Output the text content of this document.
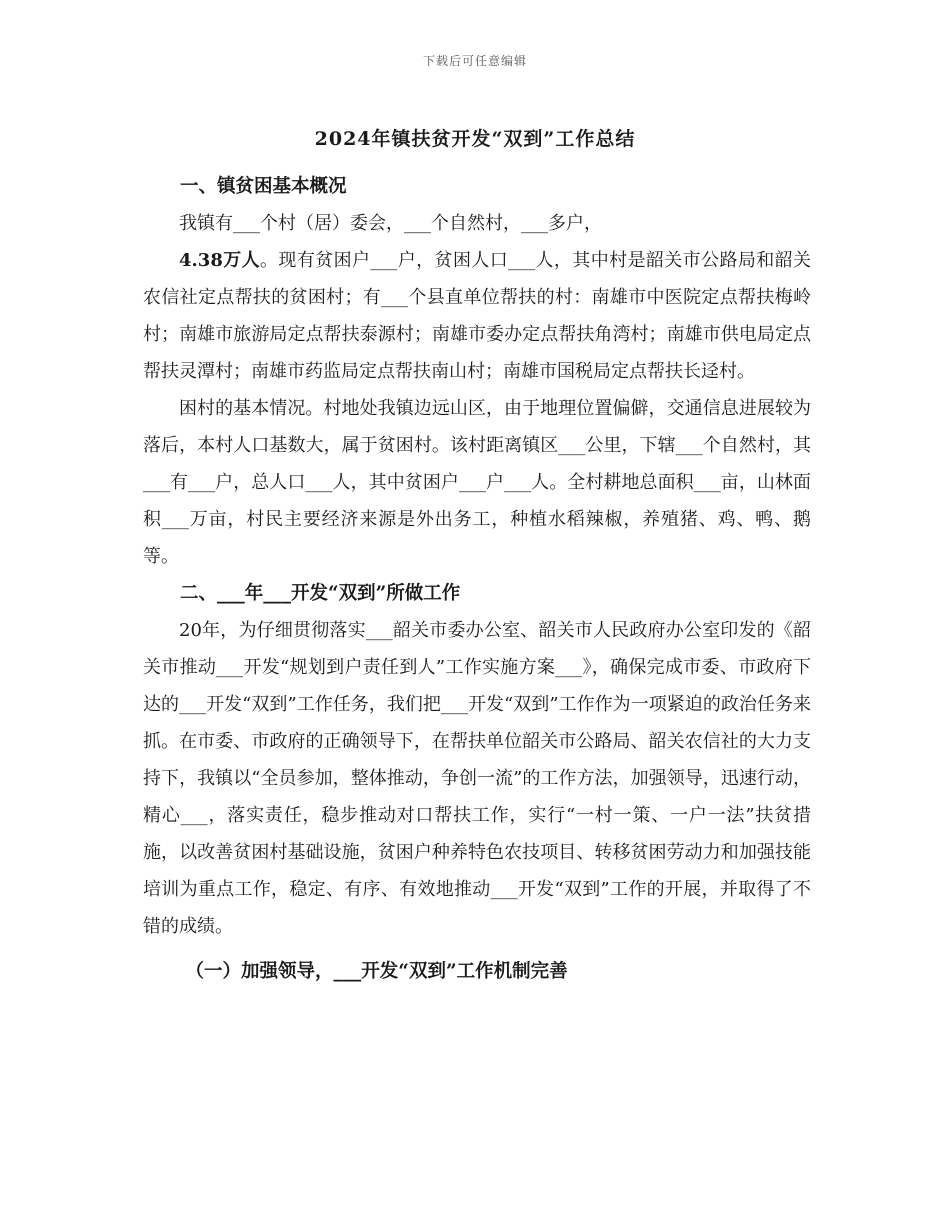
下载后可任意编辑
2024年镇扶贫开发“双到”工作总结

一、镇贫困基本概况

我镇有___个村（居）委会，___个自然村，___多户，

4.38万人。现有贫困户___户，贫困人口___人，其中村是韶关市公路局和韶关农信社定点帮扶的贫困村；有___个县直单位帮扶的村：南雄市中医院定点帮扶梅岭村；南雄市旅游局定点帮扶泰源村；南雄市委办定点帮扶角湾村；南雄市供电局定点帮扶灵潭村；南雄市药监局定点帮扶南山村；南雄市国税局定点帮扶长迳村。

困村的基本情况。村地处我镇边远山区，由于地理位置偏僻，交通信息进展较为落后，本村人口基数大，属于贫困村。该村距离镇区___公里，下辖___个自然村，其___有___户，总人口___人，其中贫困户___户___人。全村耕地总面积___亩，山林面积___万亩，村民主要经济来源是外出务工，种植水稻辣椒，养殖猪、鸡、鸭、鹅等。

二、___年___开发“双到”所做工作

20年，为仔细贯彻落实___韶关市委办公室、韶关市人民政府办公室印发的《韶关市推动___开发“规划到户责任到人”工作实施方案___》，确保完成市委、市政府下达的___开发“双到”工作任务，我们把___开发“双到”工作作为一项紧迫的政治任务来抓。在市委、市政府的正确领导下，在帮扶单位韶关市公路局、韶关农信社的大力支持下，我镇以“全员参加，整体推动，争创一流”的工作方法，加强领导，迅速行动，精心___，落实责任，稳步推动对口帮扶工作，实行“一村一策、一户一法”扶贫措施，以改善贫困村基础设施，贫困户种养特色农技项目、转移贫困劳动力和加强技能培训为重点工作，稳定、有序、有效地推动___开发“双到”工作的开展，并取得了不错的成绩。

（一）加强领导，___开发“双到”工作机制完善
